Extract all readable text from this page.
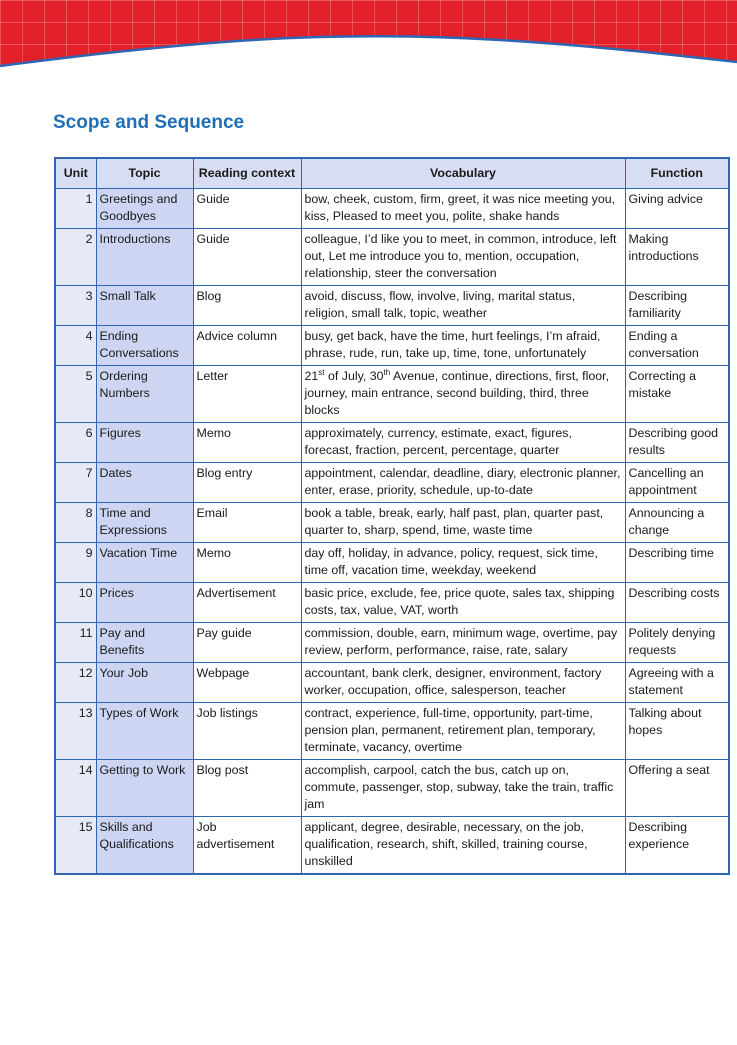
Scope and Sequence
Unit	Topic	Reading context	Vocabulary	Function
1	Greetings and Goodbyes	Guide	bow, cheek, custom, firm, greet, it was nice meeting you, kiss, Pleased to meet you, polite, shake hands	Giving advice
2	Introductions	Guide	colleague, I’d like you to meet, in common, introduce, left out, Let me introduce you to, mention, occupation, relationship, steer the conversation	Making introductions
3	Small Talk	Blog	avoid, discuss, flow, involve, living, marital status, religion, small talk, topic, weather	Describing familiarity
4	Ending Conversations	Advice column	busy, get back, have the time, hurt feelings, I’m afraid, phrase, rude, run, take up, time, tone, unfortunately	Ending a conversation
5	Ordering Numbers	Letter	21st of July, 30th Avenue, continue, directions, first, floor, journey, main entrance, second building, third, three blocks	Correcting a mistake
6	Figures	Memo	approximately, currency, estimate, exact, figures, forecast, fraction, percent, percentage, quarter	Describing good results
7	Dates	Blog entry	appointment, calendar, deadline, diary, electronic planner, enter, erase, priority, schedule, up-to-date	Cancelling an appointment
8	Time and Expressions	Email	book a table, break, early, half past, plan, quarter past, quarter to, sharp, spend, time, waste time	Announcing a change
9	Vacation Time	Memo	day off, holiday, in advance, policy, request, sick time, time off, vacation time, weekday, weekend	Describing time
10	Prices	Advertisement	basic price, exclude, fee, price quote, sales tax, shipping costs, tax, value, VAT, worth	Describing costs
11	Pay and Benefits	Pay guide	commission, double, earn, minimum wage, overtime, pay review, perform, performance, raise, rate, salary	Politely denying requests
12	Your Job	Webpage	accountant, bank clerk, designer, environment, factory worker, occupation, office, salesperson, teacher	Agreeing with a statement
13	Types of Work	Job listings	contract, experience, full-time, opportunity, part-time, pension plan, permanent, retirement plan, temporary, terminate, vacancy, overtime	Talking about hopes
14	Getting to Work	Blog post	accomplish, carpool, catch the bus, catch up on, commute, passenger, stop, subway, take the train, traffic jam	Offering a seat
15	Skills and Qualifications	Job advertisement	applicant, degree, desirable, necessary, on the job, qualification, research, shift, skilled, training course, unskilled	Describing experience
